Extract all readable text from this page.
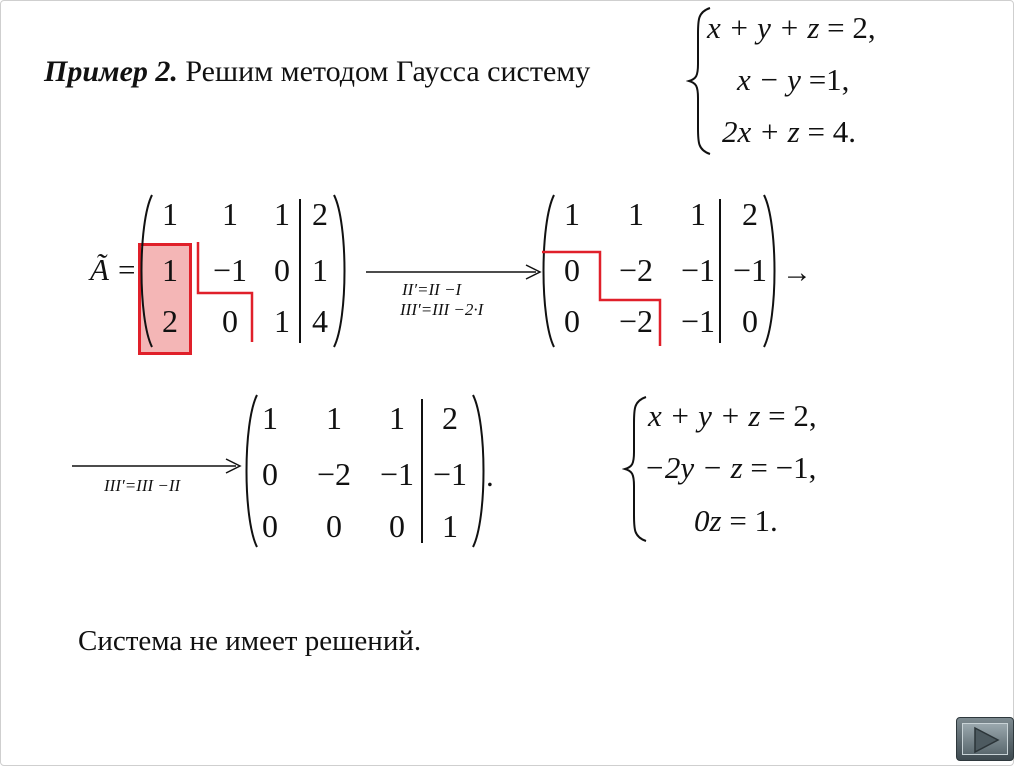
Пример 2. Решим методом Гаусса систему
x + y + z = 2,
x − y =1,
2x + z = 4.
Ã =
1	1	1 2
1	−1 0 1
2	0	1 4
II′=II −I
III′=III −2·I
1	1	1	2
0	−2 −1 −1
0	−2 −1 0
→
III′=III −II
1	1	1	2
0	−2 −1 −1
0	0	0	1
.
x + y + z = 2,
−2y − z = −1,
0z = 1.
Система не имеет решений.
